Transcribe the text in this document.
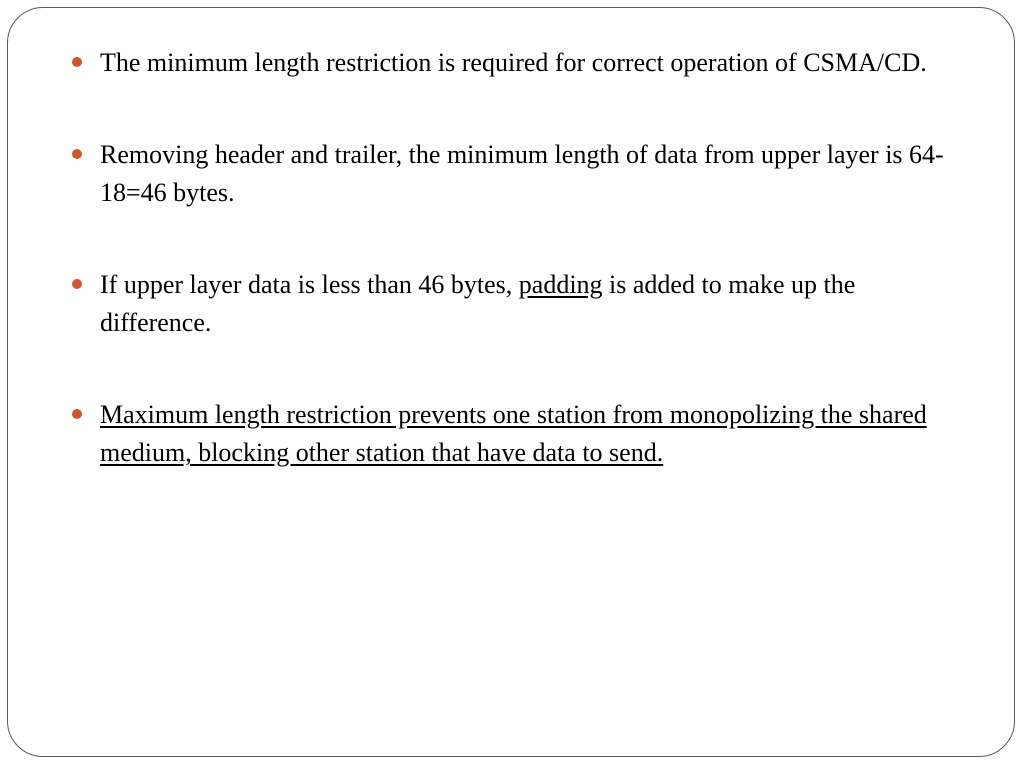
The minimum length restriction is required for correct operation of CSMA/CD.
Removing header and trailer, the minimum length of data from upper layer is 64-18=46 bytes.
If upper layer data is less than 46 bytes, padding is added to make up the difference.
Maximum length restriction prevents one station from monopolizing the shared medium, blocking other station that have data to send.
